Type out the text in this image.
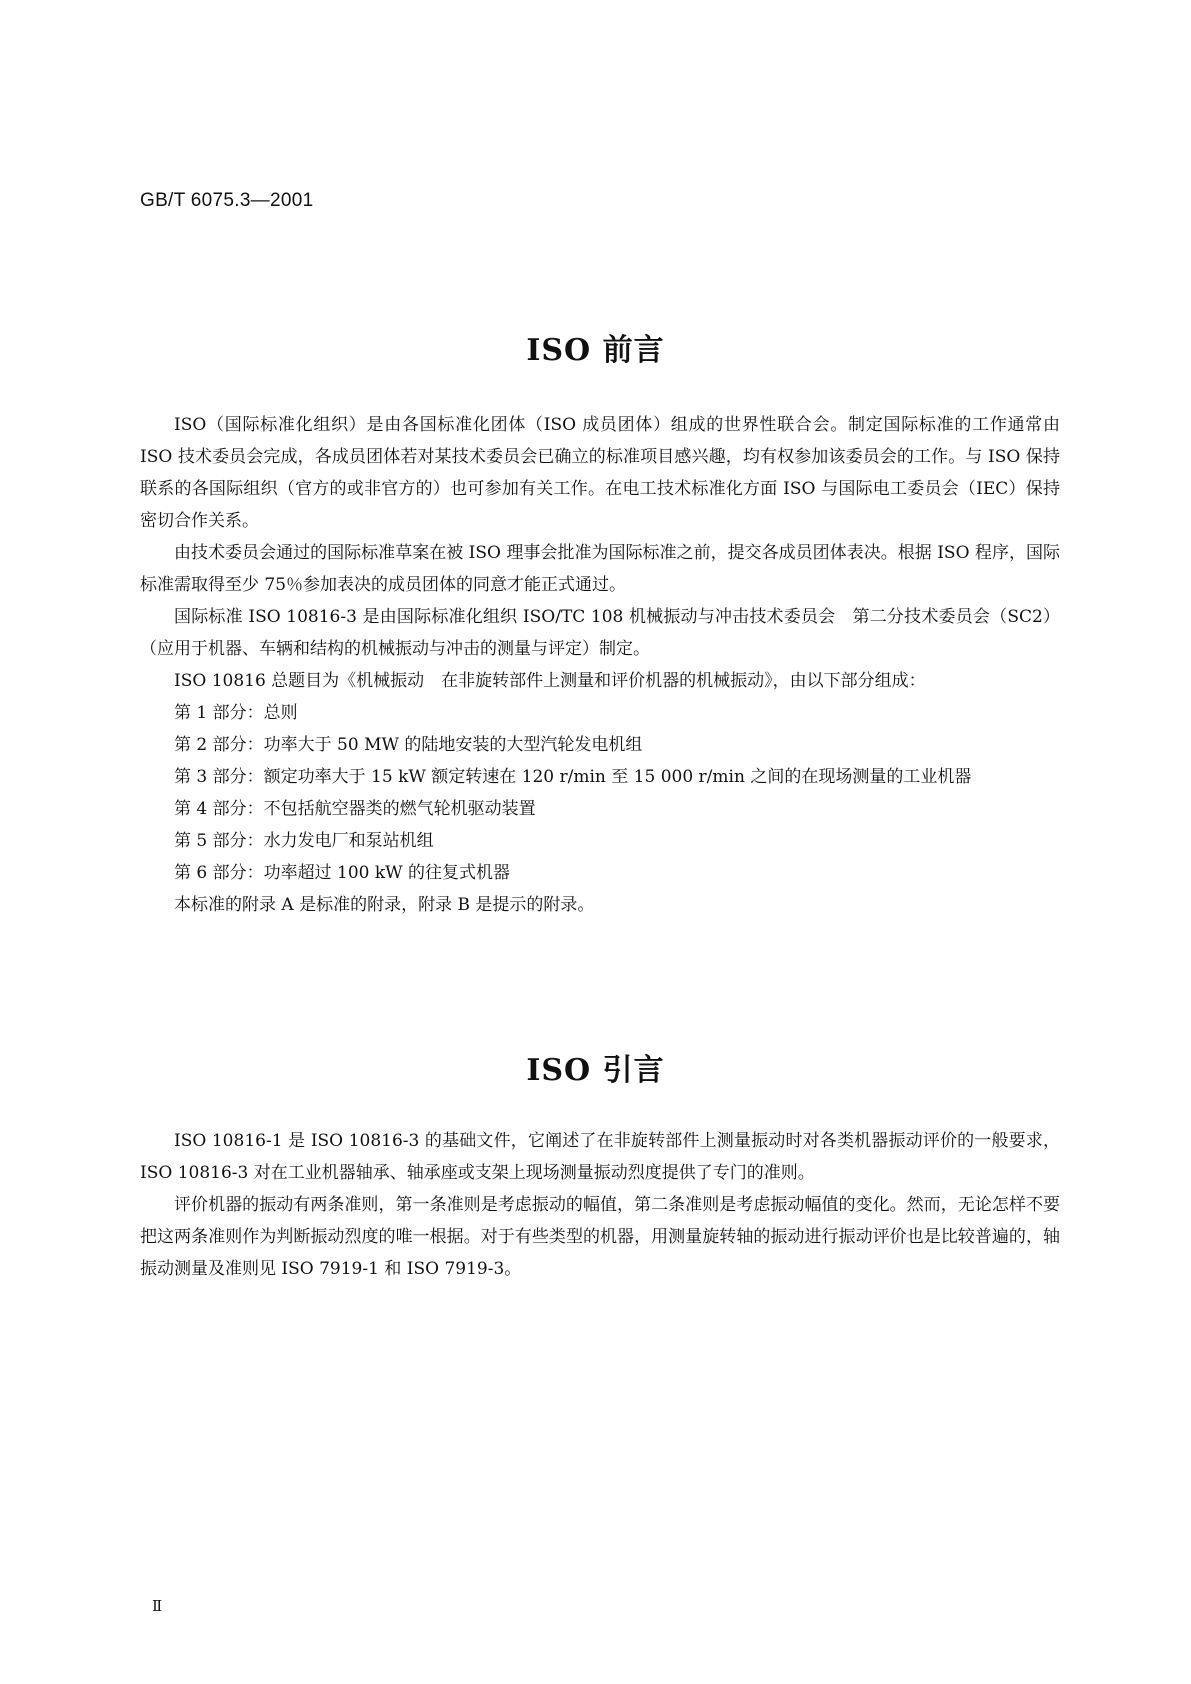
GB/T 6075.3—2001
ISO 前言

ISO（国际标准化组织）是由各国标准化团体（ISO 成员团体）组成的世界性联合会。制定国际标准的工作通常由 ISO 技术委员会完成，各成员团体若对某技术委员会已确立的标准项目感兴趣，均有权参加该委员会的工作。与 ISO 保持联系的各国际组织（官方的或非官方的）也可参加有关工作。在电工技术标准化方面 ISO 与国际电工委员会（IEC）保持密切合作关系。

由技术委员会通过的国际标准草案在被 ISO 理事会批准为国际标准之前，提交各成员团体表决。根据 ISO 程序，国际标准需取得至少 75％参加表决的成员团体的同意才能正式通过。

国际标准 ISO 10816-3 是由国际标准化组织 ISO/TC 108 机械振动与冲击技术委员会　第二分技术委员会（SC2）（应用于机器、车辆和结构的机械振动与冲击的测量与评定）制定。

ISO 10816 总题目为《机械振动　在非旋转部件上测量和评价机器的机械振动》，由以下部分组成：

第 1 部分：总则

第 2 部分：功率大于 50 MW 的陆地安装的大型汽轮发电机组

第 3 部分：额定功率大于 15 kW 额定转速在 120 r/min 至 15 000 r/min 之间的在现场测量的工业机器

第 4 部分：不包括航空器类的燃气轮机驱动装置

第 5 部分：水力发电厂和泵站机组

第 6 部分：功率超过 100 kW 的往复式机器

本标准的附录 A 是标准的附录，附录 B 是提示的附录。

ISO 引言

ISO 10816-1 是 ISO 10816-3 的基础文件，它阐述了在非旋转部件上测量振动时对各类机器振动评价的一般要求，ISO 10816-3 对在工业机器轴承、轴承座或支架上现场测量振动烈度提供了专门的准则。

评价机器的振动有两条准则，第一条准则是考虑振动的幅值，第二条准则是考虑振动幅值的变化。然而，无论怎样不要把这两条准则作为判断振动烈度的唯一根据。对于有些类型的机器，用测量旋转轴的振动进行振动评价也是比较普遍的，轴振动测量及准则见 ISO 7919-1 和 ISO 7919-3。

Ⅱ
